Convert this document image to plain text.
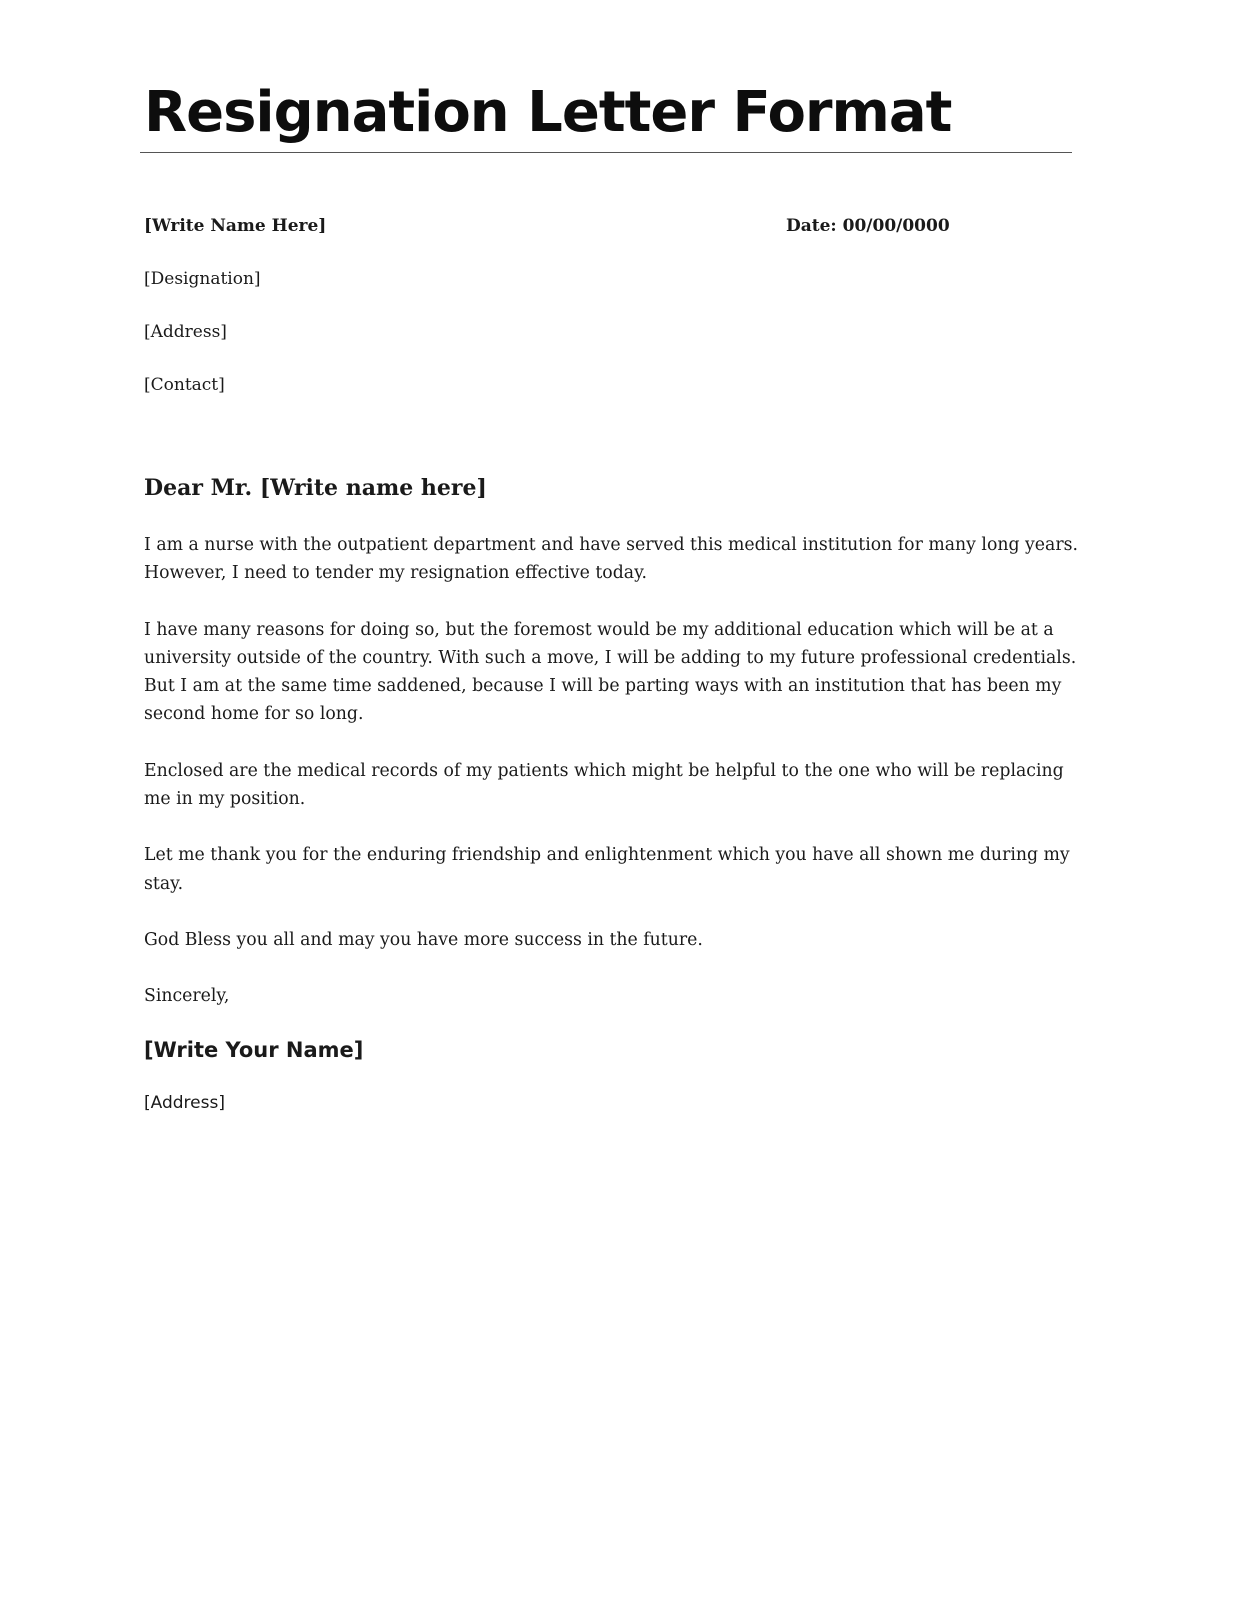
Resignation Letter Format
[Write Name Here]	Date: 00/00/0000
[Designation]
[Address]
[Contact]
Dear Mr. [Write name here]

I am a nurse with the outpatient department and have served this medical institution for many long years. However, I need to tender my resignation effective today.

I have many reasons for doing so, but the foremost would be my additional education which will be at a university outside of the country. With such a move, I will be adding to my future professional credentials. But I am at the same time saddened, because I will be parting ways with an institution that has been my second home for so long.

Enclosed are the medical records of my patients which might be helpful to the one who will be replacing me in my position.

Let me thank you for the enduring friendship and enlightenment which you have all shown me during my stay.

God Bless you all and may you have more success in the future.

Sincerely,

[Write Your Name]
[Address]
